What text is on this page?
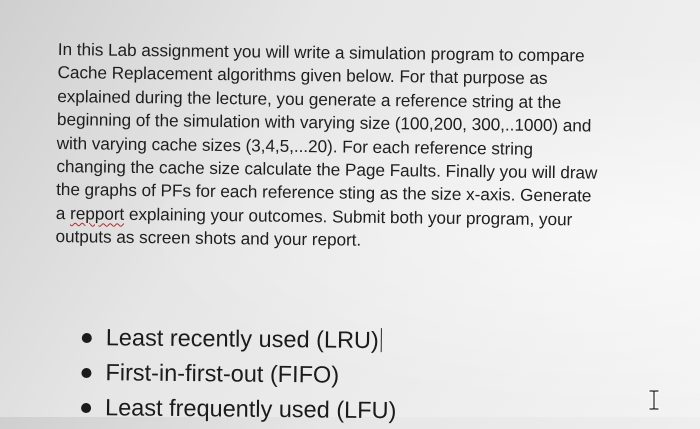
In this Lab assignment you will write a simulation program to compare
Cache Replacement algorithms given below. For that purpose as
explained during the lecture, you generate a reference string at the
beginning of the simulation with varying size (100,200, 300,..1000) and
with varying cache sizes (3,4,5,...20). For each reference string
changing the cache size calculate the Page Faults. Finally you will draw
the graphs of PFs for each reference sting as the size x-axis. Generate
a repport explaining your outcomes. Submit both your program, your
outputs as screen shots and your report.
Least recently used (LRU)
First-in-first-out (FIFO)
Least frequently used (LFU)
